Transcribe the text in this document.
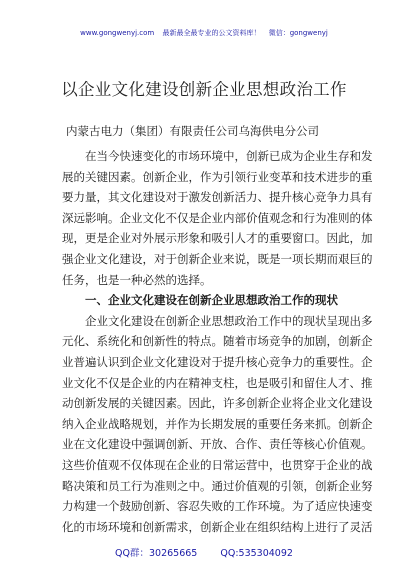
www.gongwenyj.com 最新最全最专业的公文资料库！ 微信：gongwenyj
以企业文化建设创新企业思想政治工作
内蒙古电力（集团）有限责任公司乌海供电分公司
在当今快速变化的市场环境中，创新已成为企业生存和发
展的关键因素。创新企业，作为引领行业变革和技术进步的重
要力量，其文化建设对于激发创新活力、提升核心竞争力具有
深远影响。企业文化不仅是企业内部价值观念和行为准则的体
现，更是企业对外展示形象和吸引人才的重要窗口。因此，加
强企业文化建设，对于创新企业来说，既是一项长期而艰巨的
任务，也是一种必然的选择。
一、企业文化建设在创新企业思想政治工作的现状
企业文化建设在创新企业思想政治工作中的现状呈现出多
元化、系统化和创新性的特点。随着市场竞争的加剧，创新企
业普遍认识到企业文化建设对于提升核心竞争力的重要性。企
业文化不仅是企业的内在精神支柱，也是吸引和留住人才、推
动创新发展的关键因素。因此，许多创新企业将企业文化建设
纳入企业战略规划，并作为长期发展的重要任务来抓。创新企
业在文化建设中强调创新、开放、合作、责任等核心价值观。
这些价值观不仅体现在企业的日常运营中，也贯穿于企业的战
略决策和员工行为准则之中。通过价值观的引领，创新企业努
力构建一个鼓励创新、容忍失败的工作环境。为了适应快速变
化的市场环境和创新需求，创新企业在组织结构上进行了灵活
QQ群：30265665 QQ:535304092
